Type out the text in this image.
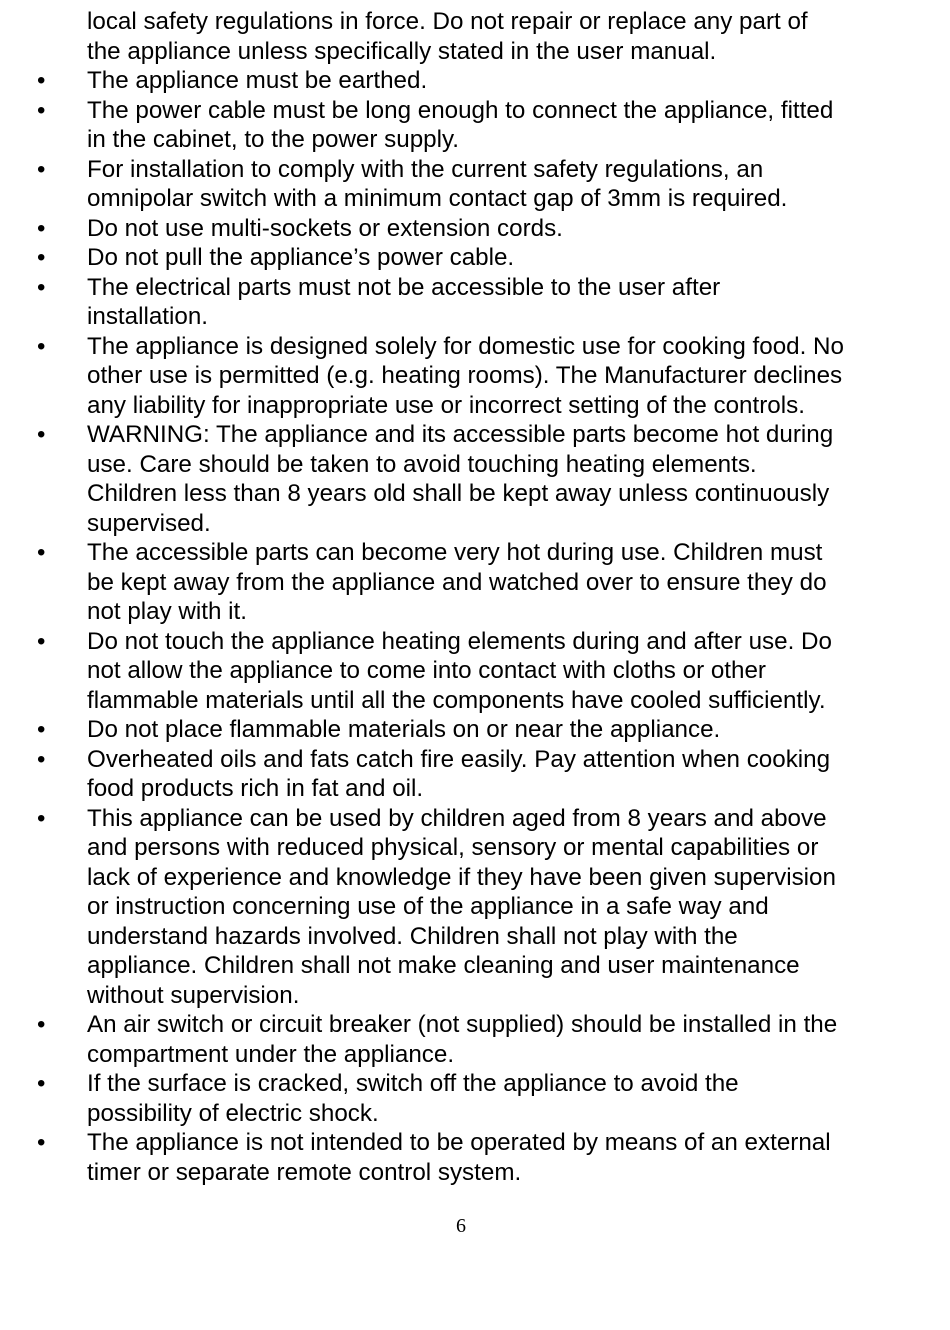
local safety regulations in force. Do not repair or replace any part of
the appliance unless specifically stated in the user manual.

• The appliance must be earthed.
• The power cable must be long enough to connect the appliance, fitted
in the cabinet, to the power supply.
• For installation to comply with the current safety regulations, an
omnipolar switch with a minimum contact gap of 3mm is required.
• Do not use multi-sockets or extension cords.
• Do not pull the appliance’s power cable.
• The electrical parts must not be accessible to the user after
installation.
• The appliance is designed solely for domestic use for cooking food. No
other use is permitted (e.g. heating rooms). The Manufacturer declines
any liability for inappropriate use or incorrect setting of the controls.
• WARNING: The appliance and its accessible parts become hot during
use. Care should be taken to avoid touching heating elements.
Children less than 8 years old shall be kept away unless continuously
supervised.
• The accessible parts can become very hot during use. Children must
be kept away from the appliance and watched over to ensure they do
not play with it.
• Do not touch the appliance heating elements during and after use. Do
not allow the appliance to come into contact with cloths or other
flammable materials until all the components have cooled sufficiently.
• Do not place flammable materials on or near the appliance.
• Overheated oils and fats catch fire easily. Pay attention when cooking
food products rich in fat and oil.
• This appliance can be used by children aged from 8 years and above
and persons with reduced physical, sensory or mental capabilities or
lack of experience and knowledge if they have been given supervision
or instruction concerning use of the appliance in a safe way and
understand hazards involved. Children shall not play with the
appliance. Children shall not make cleaning and user maintenance
without supervision.
• An air switch or circuit breaker (not supplied) should be installed in the
compartment under the appliance.
• If the surface is cracked, switch off the appliance to avoid the
possibility of electric shock.
• The appliance is not intended to be operated by means of an external
timer or separate remote control system.
6
